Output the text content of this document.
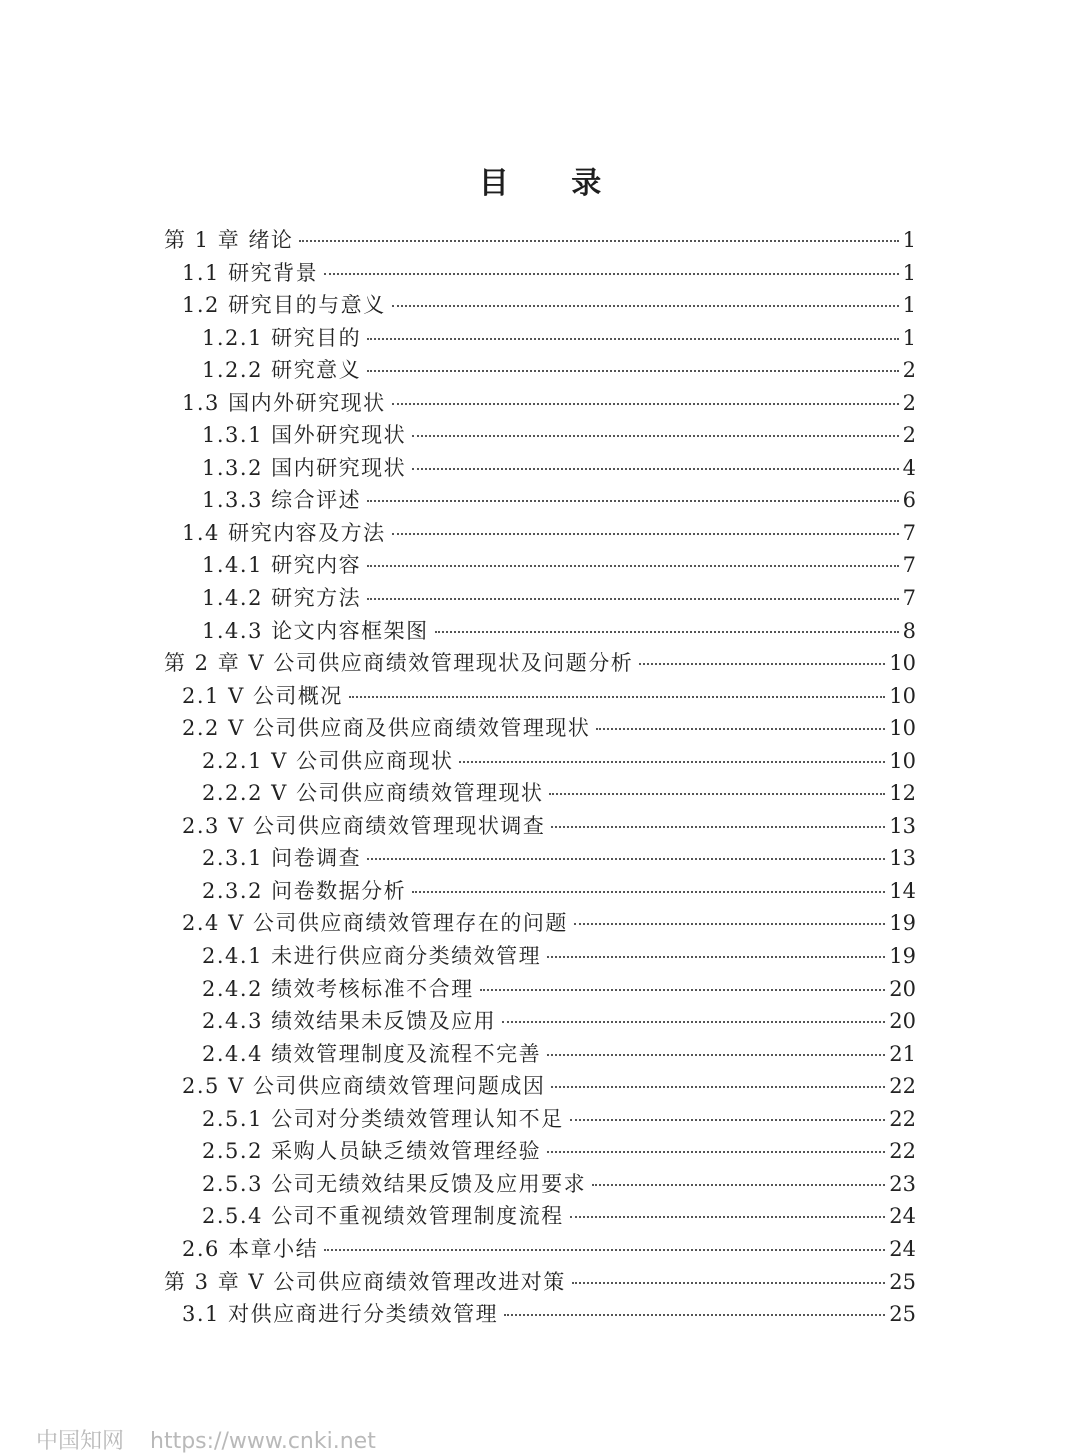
目 录
第 1 章 绪论	1
1.1 研究背景	1
1.2 研究目的与意义	1
1.2.1 研究目的	1
1.2.2 研究意义	2
1.3 国内外研究现状	2
1.3.1 国外研究现状	2
1.3.2 国内研究现状	4
1.3.3 综合评述	6
1.4 研究内容及方法	7
1.4.1 研究内容	7
1.4.2 研究方法	7
1.4.3 论文内容框架图	8
第 2 章 V 公司供应商绩效管理现状及问题分析	10
2.1 V 公司概况	10
2.2 V 公司供应商及供应商绩效管理现状	10
2.2.1 V 公司供应商现状	10
2.2.2 V 公司供应商绩效管理现状	12
2.3 V 公司供应商绩效管理现状调查	13
2.3.1 问卷调查	13
2.3.2 问卷数据分析	14
2.4 V 公司供应商绩效管理存在的问题	19
2.4.1 未进行供应商分类绩效管理	19
2.4.2 绩效考核标准不合理	20
2.4.3 绩效结果未反馈及应用	20
2.4.4 绩效管理制度及流程不完善	21
2.5 V 公司供应商绩效管理问题成因	22
2.5.1 公司对分类绩效管理认知不足	22
2.5.2 采购人员缺乏绩效管理经验	22
2.5.3 公司无绩效结果反馈及应用要求	23
2.5.4 公司不重视绩效管理制度流程	24
2.6 本章小结	24
第 3 章 V 公司供应商绩效管理改进对策	25
3.1 对供应商进行分类绩效管理	25
中国知网 https://www.cnki.net
